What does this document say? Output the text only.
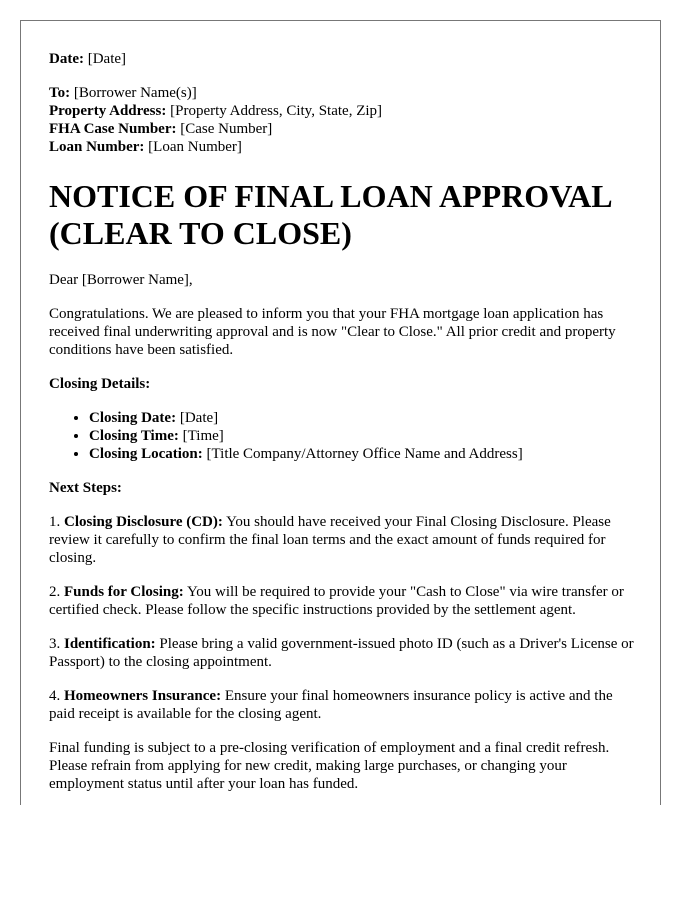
Date: [Date]

To: [Borrower Name(s)]

Property Address: [Property Address, City, State, Zip]

FHA Case Number: [Case Number]

Loan Number: [Loan Number]

NOTICE OF FINAL LOAN APPROVAL (CLEAR TO CLOSE)

Dear [Borrower Name],

Congratulations. We are pleased to inform you that your FHA mortgage loan application has received final underwriting approval and is now "Clear to Close." All prior credit and property conditions have been satisfied.

Closing Details:

• Closing Date: [Date]
• Closing Time: [Time]
• Closing Location: [Title Company/Attorney Office Name and Address]

Next Steps:

1. Closing Disclosure (CD): You should have received your Final Closing Disclosure. Please review it carefully to confirm the final loan terms and the exact amount of funds required for closing.

2. Funds for Closing: You will be required to provide your "Cash to Close" via wire transfer or certified check. Please follow the specific instructions provided by the settlement agent.

3. Identification: Please bring a valid government-issued photo ID (such as a Driver's License or Passport) to the closing appointment.

4. Homeowners Insurance: Ensure your final homeowners insurance policy is active and the paid receipt is available for the closing agent.

Final funding is subject to a pre-closing verification of employment and a final credit refresh. Please refrain from applying for new credit, making large purchases, or changing your employment status until after your loan has funded.
